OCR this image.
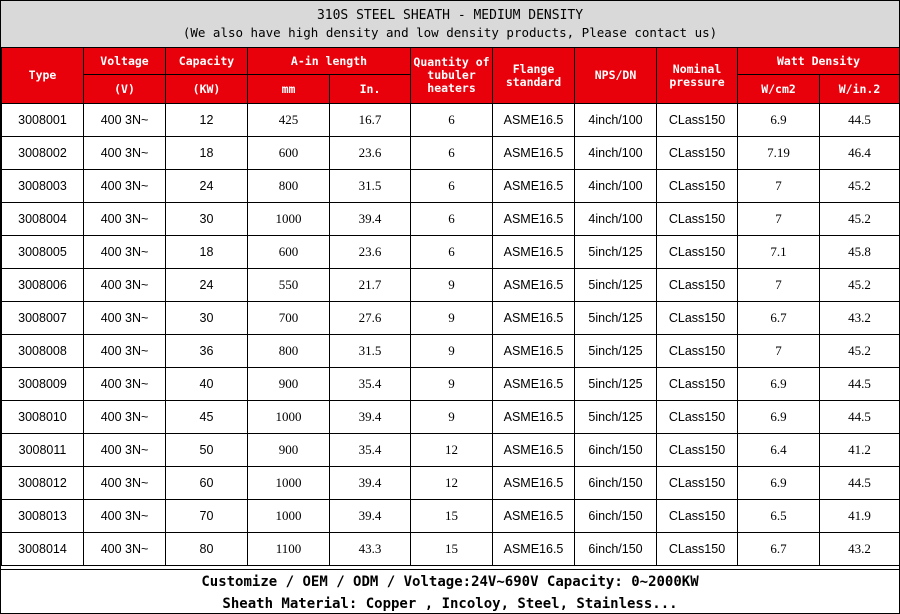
310S STEEL SHEATH - MEDIUM DENSITY
(We also have high density and low density products, Please contact us)
Type	Voltage	Capacity	A-in length		Quantity of tubuler heaters	Flange standard	NPS/DN	Nominal pressure	Watt Density	
	(V)	(KW)	mm	In.					W/cm2	W/in.2
3008001	400 3N~	12	425	16.7	6	ASME16.5	4inch/100	CLass150	6.9	44.5
3008002	400 3N~	18	600	23.6	6	ASME16.5	4inch/100	CLass150	7.19	46.4
3008003	400 3N~	24	800	31.5	6	ASME16.5	4inch/100	CLass150	7	45.2
3008004	400 3N~	30	1000	39.4	6	ASME16.5	4inch/100	CLass150	7	45.2
3008005	400 3N~	18	600	23.6	6	ASME16.5	5inch/125	CLass150	7.1	45.8
3008006	400 3N~	24	550	21.7	9	ASME16.5	5inch/125	CLass150	7	45.2
3008007	400 3N~	30	700	27.6	9	ASME16.5	5inch/125	CLass150	6.7	43.2
3008008	400 3N~	36	800	31.5	9	ASME16.5	5inch/125	CLass150	7	45.2
3008009	400 3N~	40	900	35.4	9	ASME16.5	5inch/125	CLass150	6.9	44.5
3008010	400 3N~	45	1000	39.4	9	ASME16.5	5inch/125	CLass150	6.9	44.5
3008011	400 3N~	50	900	35.4	12	ASME16.5	6inch/150	CLass150	6.4	41.2
3008012	400 3N~	60	1000	39.4	12	ASME16.5	6inch/150	CLass150	6.9	44.5
3008013	400 3N~	70	1000	39.4	15	ASME16.5	6inch/150	CLass150	6.5	41.9
3008014	400 3N~	80	1100	43.3	15	ASME16.5	6inch/150	CLass150	6.7	43.2
Customize / OEM / ODM / Voltage:24V~690V Capacity: 0~2000KW
Sheath Material: Copper , Incoloy, Steel, Stainless...
